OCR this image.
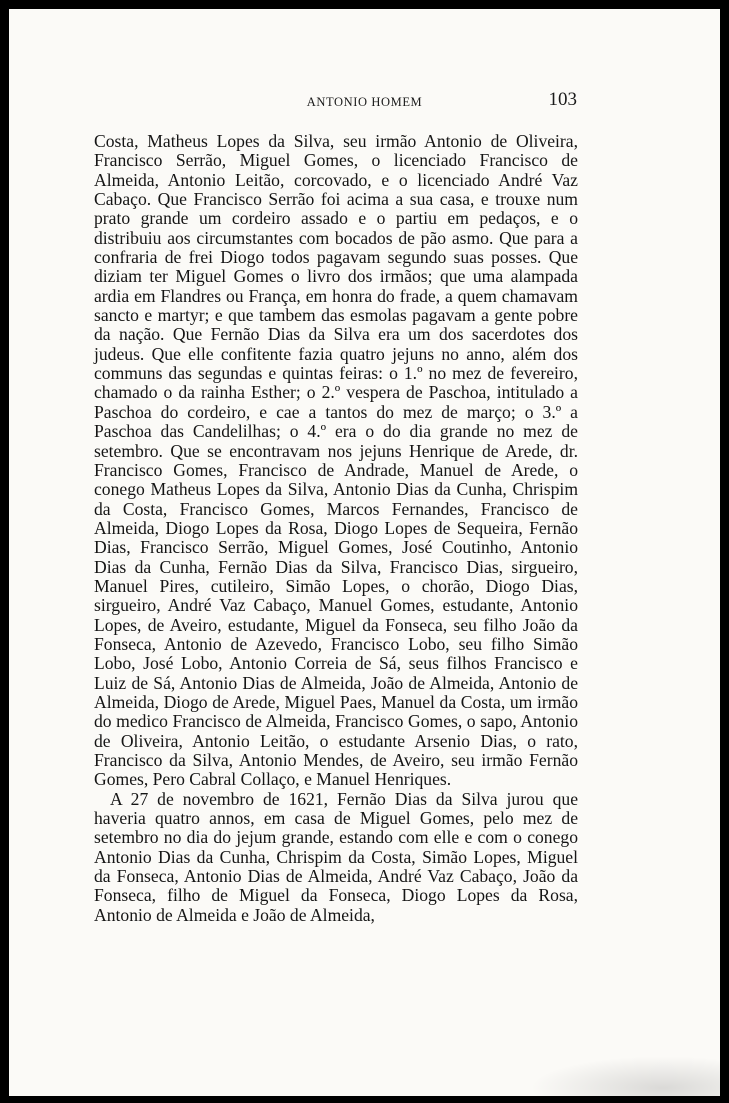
ANTONIO HOMEM	103

Costa, Matheus Lopes da Silva, seu irmão Antonio de Oliveira, Francisco Serrão, Miguel Gomes, o licenciado Francisco de Almeida, Antonio Leitão, corcovado, e o licenciado André Vaz Cabaço. Que Francisco Serrão foi acima a sua casa, e trouxe num prato grande um cordeiro assado e o partiu em pedaços, e o distribuiu aos circumstantes com bocados de pão asmo. Que para a confraria de frei Diogo todos pagavam segundo suas posses. Que diziam ter Miguel Gomes o livro dos irmãos; que uma alampada ardia em Flandres ou França, em honra do frade, a quem chamavam sancto e martyr; e que tambem das esmolas pagavam a gente pobre da nação. Que Fernão Dias da Silva era um dos sacerdotes dos judeus. Que elle confitente fazia quatro jejuns no anno, além dos communs das segundas e quintas feiras: o 1.º no mez de fevereiro, chamado o da rainha Esther; o 2.º vespera de Paschoa, intitulado a Paschoa do cordeiro, e cae a tantos do mez de março; o 3.º a Paschoa das Candelilhas; o 4.º era o do dia grande no mez de setembro. Que se encontravam nos jejuns Henrique de Arede, dr. Francisco Gomes, Francisco de Andrade, Manuel de Arede, o conego Matheus Lopes da Silva, Antonio Dias da Cunha, Chrispim da Costa, Francisco Gomes, Marcos Fernandes, Francisco de Almeida, Diogo Lopes da Rosa, Diogo Lopes de Sequeira, Fernão Dias, Francisco Serrão, Miguel Gomes, José Coutinho, Antonio Dias da Cunha, Fernão Dias da Silva, Francisco Dias, sirgueiro, Manuel Pires, cutileiro, Simão Lopes, o chorão, Diogo Dias, sirgueiro, André Vaz Cabaço, Manuel Gomes, estudante, Antonio Lopes, de Aveiro, estudante, Miguel da Fonseca, seu filho João da Fonseca, Antonio de Azevedo, Francisco Lobo, seu filho Simão Lobo, José Lobo, Antonio Correia de Sá, seus filhos Francisco e Luiz de Sá, Antonio Dias de Almeida, João de Almeida, Antonio de Almeida, Diogo de Arede, Miguel Paes, Manuel da Costa, um irmão do medico Francisco de Almeida, Francisco Gomes, o sapo, Antonio de Oliveira, Antonio Leitão, o estudante Arsenio Dias, o rato, Francisco da Silva, Antonio Mendes, de Aveiro, seu irmão Fernão Gomes, Pero Cabral Collaço, e Manuel Henriques.

A 27 de novembro de 1621, Fernão Dias da Silva jurou que haveria quatro annos, em casa de Miguel Gomes, pelo mez de setembro no dia do jejum grande, estando com elle e com o conego Antonio Dias da Cunha, Chrispim da Costa, Simão Lopes, Miguel da Fonseca, Antonio Dias de Almeida, André Vaz Cabaço, João da Fonseca, filho de Miguel da Fonseca, Diogo Lopes da Rosa, Antonio de Almeida e João de Almeida,
